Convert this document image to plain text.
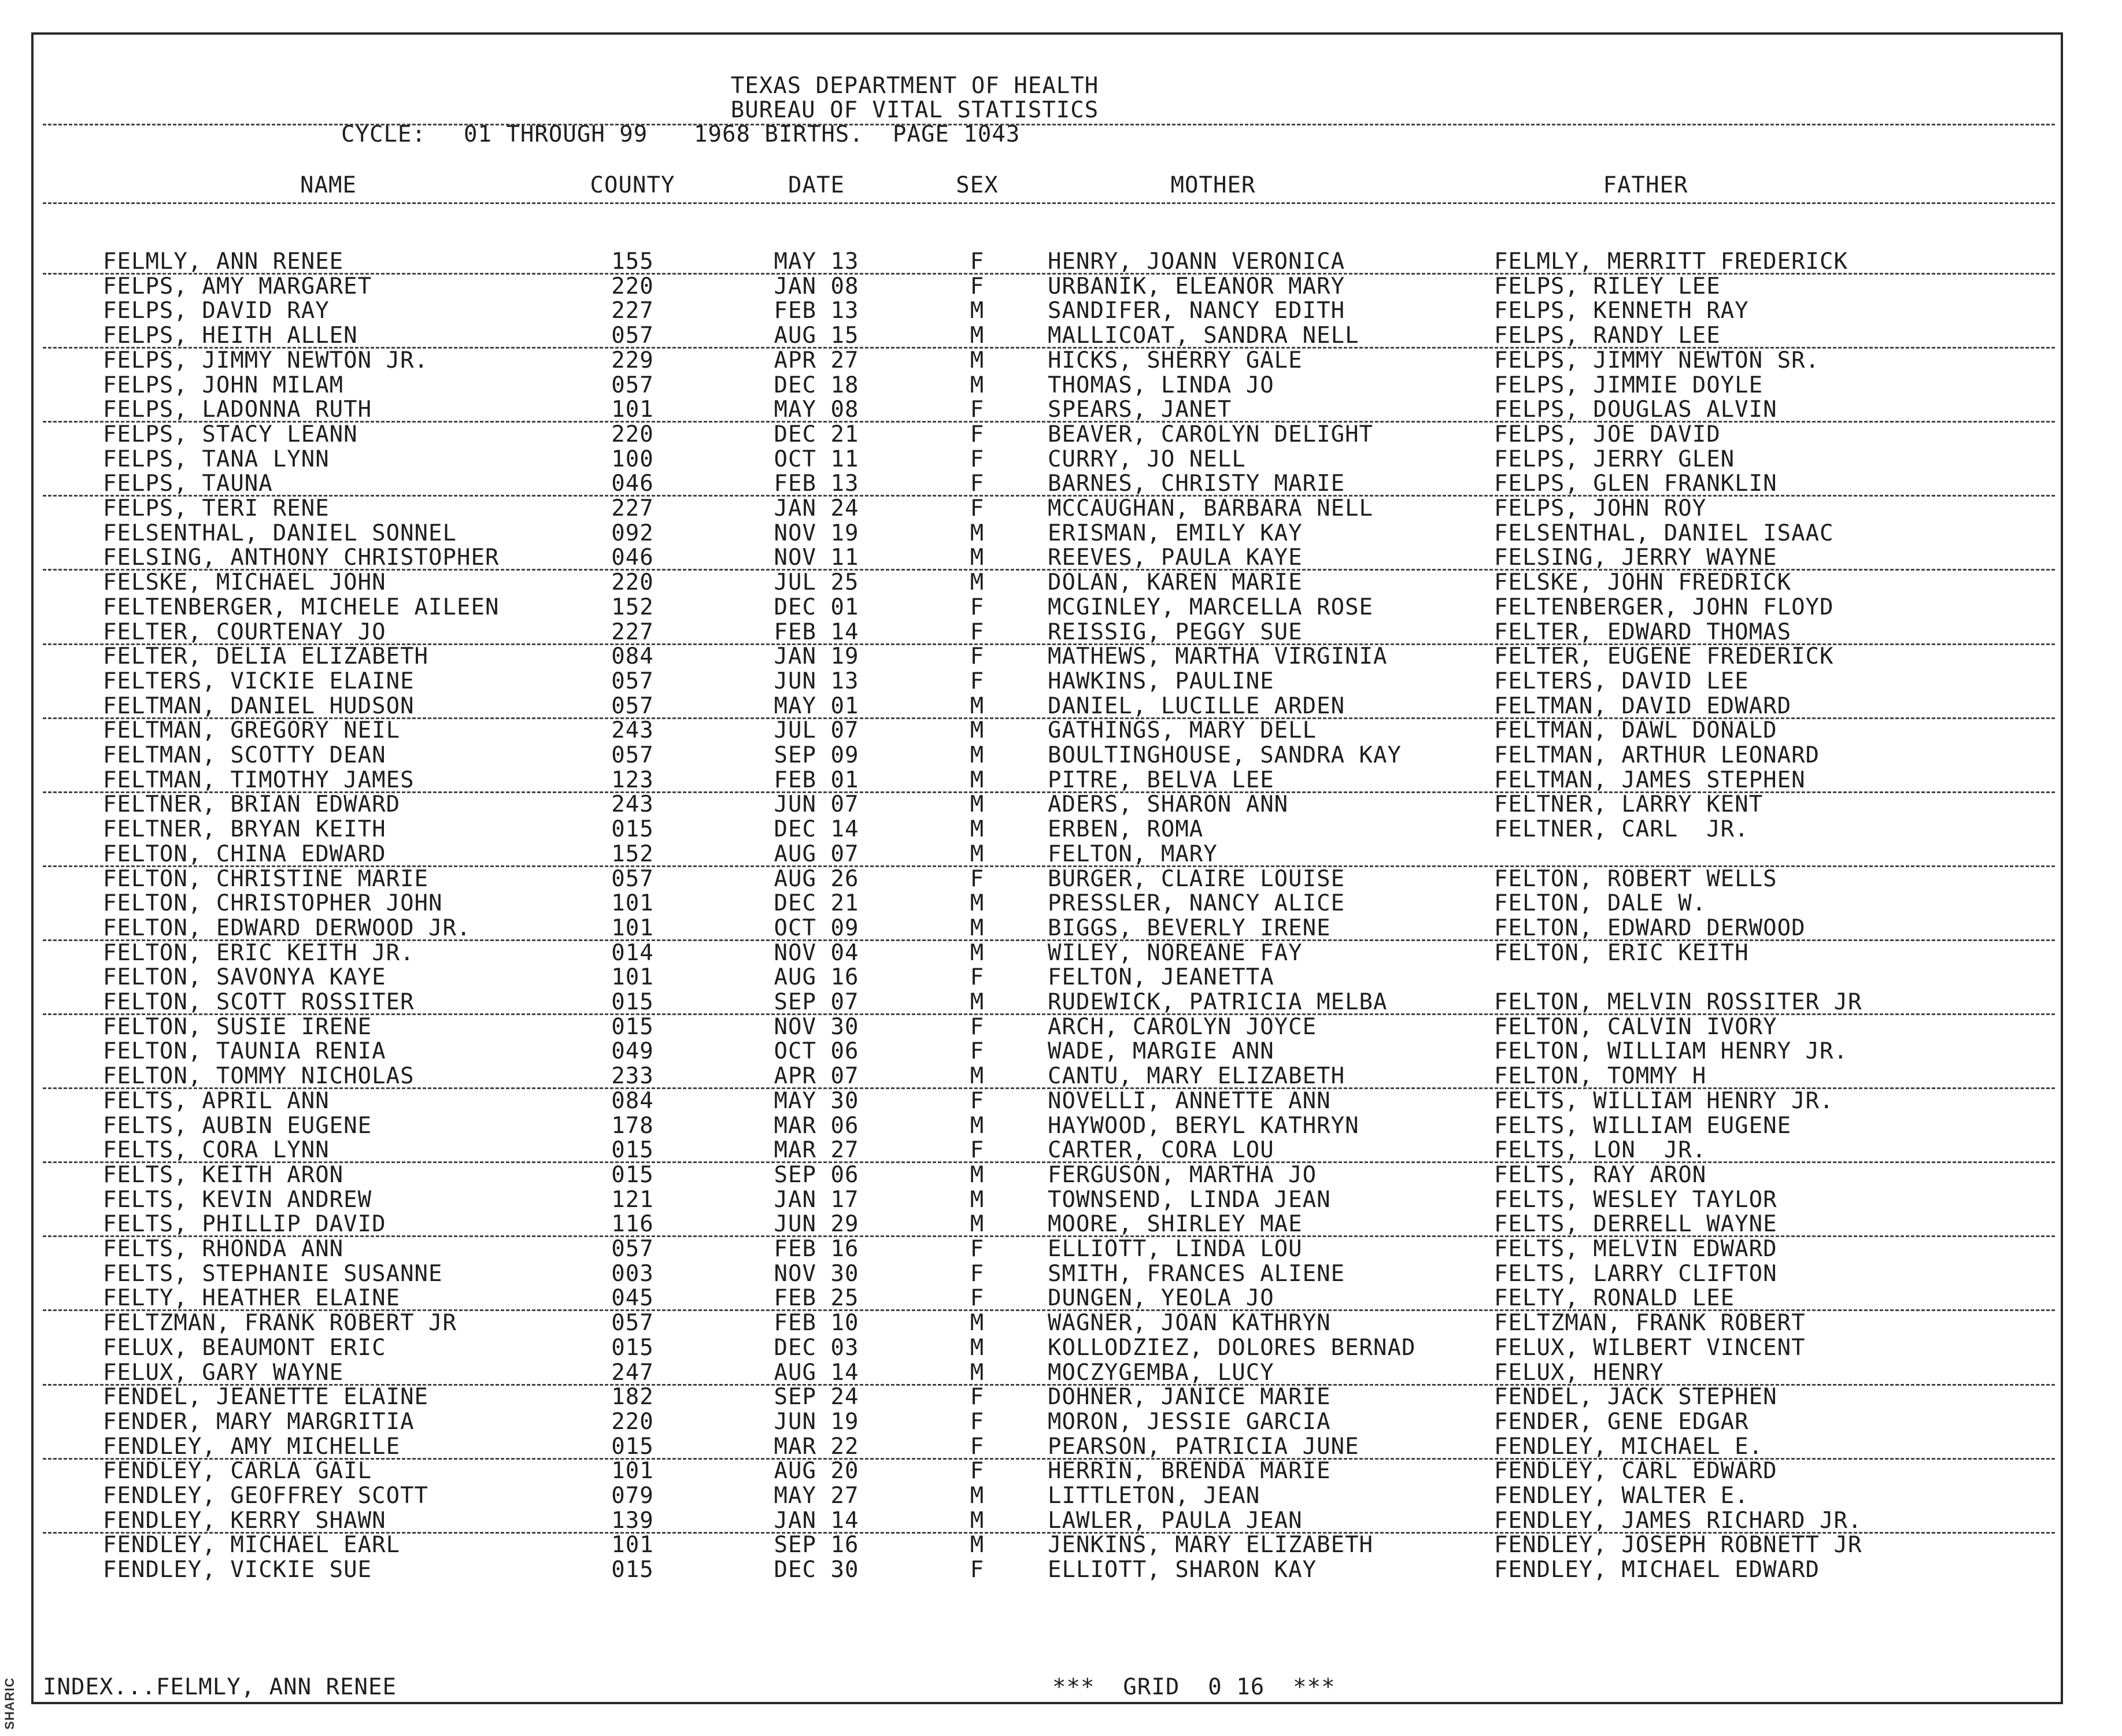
SHARIC
TEXAS DEPARTMENT OF HEALTH
BUREAU OF VITAL STATISTICS
CYCLE: 01 THROUGH 99 1968 BIRTHS. PAGE 1043
NAME	COUNTY	DATE	SEX	MOTHER	FATHER
FELMLY, ANN RENEE	155	MAY 13	F	HENRY, JOANN VERONICA	FELMLY, MERRITT FREDERICK
FELPS, AMY MARGARET	220	JAN 08	F	URBANIK, ELEANOR MARY	FELPS, RILEY LEE
FELPS, DAVID RAY	227	FEB 13	M	SANDIFER, NANCY EDITH	FELPS, KENNETH RAY
FELPS, HEITH ALLEN	057	AUG 15	M	MALLICOAT, SANDRA NELL	FELPS, RANDY LEE
FELPS, JIMMY NEWTON JR.	229	APR 27	M	HICKS, SHERRY GALE	FELPS, JIMMY NEWTON SR.
FELPS, JOHN MILAM	057	DEC 18	M	THOMAS, LINDA JO	FELPS, JIMMIE DOYLE
FELPS, LADONNA RUTH	101	MAY 08	F	SPEARS, JANET	FELPS, DOUGLAS ALVIN
FELPS, STACY LEANN	220	DEC 21	F	BEAVER, CAROLYN DELIGHT	FELPS, JOE DAVID
FELPS, TANA LYNN	100	OCT 11	F	CURRY, JO NELL	FELPS, JERRY GLEN
FELPS, TAUNA	046	FEB 13	F	BARNES, CHRISTY MARIE	FELPS, GLEN FRANKLIN
FELPS, TERI RENE	227	JAN 24	F	MCCAUGHAN, BARBARA NELL	FELPS, JOHN ROY
FELSENTHAL, DANIEL SONNEL	092	NOV 19	M	ERISMAN, EMILY KAY	FELSENTHAL, DANIEL ISAAC
FELSING, ANTHONY CHRISTOPHER	046	NOV 11	M	REEVES, PAULA KAYE	FELSING, JERRY WAYNE
FELSKE, MICHAEL JOHN	220	JUL 25	M	DOLAN, KAREN MARIE	FELSKE, JOHN FREDRICK
FELTENBERGER, MICHELE AILEEN	152	DEC 01	F	MCGINLEY, MARCELLA ROSE	FELTENBERGER, JOHN FLOYD
FELTER, COURTENAY JO	227	FEB 14	F	REISSIG, PEGGY SUE	FELTER, EDWARD THOMAS
FELTER, DELIA ELIZABETH	084	JAN 19	F	MATHEWS, MARTHA VIRGINIA	FELTER, EUGENE FREDERICK
FELTERS, VICKIE ELAINE	057	JUN 13	F	HAWKINS, PAULINE	FELTERS, DAVID LEE
FELTMAN, DANIEL HUDSON	057	MAY 01	M	DANIEL, LUCILLE ARDEN	FELTMAN, DAVID EDWARD
FELTMAN, GREGORY NEIL	243	JUL 07	M	GATHINGS, MARY DELL	FELTMAN, DAWL DONALD
FELTMAN, SCOTTY DEAN	057	SEP 09	M	BOULTINGHOUSE, SANDRA KAY	FELTMAN, ARTHUR LEONARD
FELTMAN, TIMOTHY JAMES	123	FEB 01	M	PITRE, BELVA LEE	FELTMAN, JAMES STEPHEN
FELTNER, BRIAN EDWARD	243	JUN 07	M	ADERS, SHARON ANN	FELTNER, LARRY KENT
FELTNER, BRYAN KEITH	015	DEC 14	M	ERBEN, ROMA	FELTNER, CARL  JR.
FELTON, CHINA EDWARD	152	AUG 07	M	FELTON, MARY
FELTON, CHRISTINE MARIE	057	AUG 26	F	BURGER, CLAIRE LOUISE	FELTON, ROBERT WELLS
FELTON, CHRISTOPHER JOHN	101	DEC 21	M	PRESSLER, NANCY ALICE	FELTON, DALE W.
FELTON, EDWARD DERWOOD JR.	101	OCT 09	M	BIGGS, BEVERLY IRENE	FELTON, EDWARD DERWOOD
FELTON, ERIC KEITH JR.	014	NOV 04	M	WILEY, NOREANE FAY	FELTON, ERIC KEITH
FELTON, SAVONYA KAYE	101	AUG 16	F	FELTON, JEANETTA
FELTON, SCOTT ROSSITER	015	SEP 07	M	RUDEWICK, PATRICIA MELBA	FELTON, MELVIN ROSSITER JR
FELTON, SUSIE IRENE	015	NOV 30	F	ARCH, CAROLYN JOYCE	FELTON, CALVIN IVORY
FELTON, TAUNIA RENIA	049	OCT 06	F	WADE, MARGIE ANN	FELTON, WILLIAM HENRY JR.
FELTON, TOMMY NICHOLAS	233	APR 07	M	CANTU, MARY ELIZABETH	FELTON, TOMMY H
FELTS, APRIL ANN	084	MAY 30	F	NOVELLI, ANNETTE ANN	FELTS, WILLIAM HENRY JR.
FELTS, AUBIN EUGENE	178	MAR 06	M	HAYWOOD, BERYL KATHRYN	FELTS, WILLIAM EUGENE
FELTS, CORA LYNN	015	MAR 27	F	CARTER, CORA LOU	FELTS, LON  JR.
FELTS, KEITH ARON	015	SEP 06	M	FERGUSON, MARTHA JO	FELTS, RAY ARON
FELTS, KEVIN ANDREW	121	JAN 17	M	TOWNSEND, LINDA JEAN	FELTS, WESLEY TAYLOR
FELTS, PHILLIP DAVID	116	JUN 29	M	MOORE, SHIRLEY MAE	FELTS, DERRELL WAYNE
FELTS, RHONDA ANN	057	FEB 16	F	ELLIOTT, LINDA LOU	FELTS, MELVIN EDWARD
FELTS, STEPHANIE SUSANNE	003	NOV 30	F	SMITH, FRANCES ALIENE	FELTS, LARRY CLIFTON
FELTY, HEATHER ELAINE	045	FEB 25	F	DUNGEN, YEOLA JO	FELTY, RONALD LEE
FELTZMAN, FRANK ROBERT JR	057	FEB 10	M	WAGNER, JOAN KATHRYN	FELTZMAN, FRANK ROBERT
FELUX, BEAUMONT ERIC	015	DEC 03	M	KOLLODZIEZ, DOLORES BERNAD	FELUX, WILBERT VINCENT
FELUX, GARY WAYNE	247	AUG 14	M	MOCZYGEMBA, LUCY	FELUX, HENRY
FENDEL, JEANETTE ELAINE	182	SEP 24	F	DOHNER, JANICE MARIE	FENDEL, JACK STEPHEN
FENDER, MARY MARGRITIA	220	JUN 19	F	MORON, JESSIE GARCIA	FENDER, GENE EDGAR
FENDLEY, AMY MICHELLE	015	MAR 22	F	PEARSON, PATRICIA JUNE	FENDLEY, MICHAEL E.
FENDLEY, CARLA GAIL	101	AUG 20	F	HERRIN, BRENDA MARIE	FENDLEY, CARL EDWARD
FENDLEY, GEOFFREY SCOTT	079	MAY 27	M	LITTLETON, JEAN	FENDLEY, WALTER E.
FENDLEY, KERRY SHAWN	139	JAN 14	M	LAWLER, PAULA JEAN	FENDLEY, JAMES RICHARD JR.
FENDLEY, MICHAEL EARL	101	SEP 16	M	JENKINS, MARY ELIZABETH	FENDLEY, JOSEPH ROBNETT JR
FENDLEY, VICKIE SUE	015	DEC 30	F	ELLIOTT, SHARON KAY	FENDLEY, MICHAEL EDWARD
INDEX...FELMLY, ANN RENEE	***  GRID  0 16  ***
